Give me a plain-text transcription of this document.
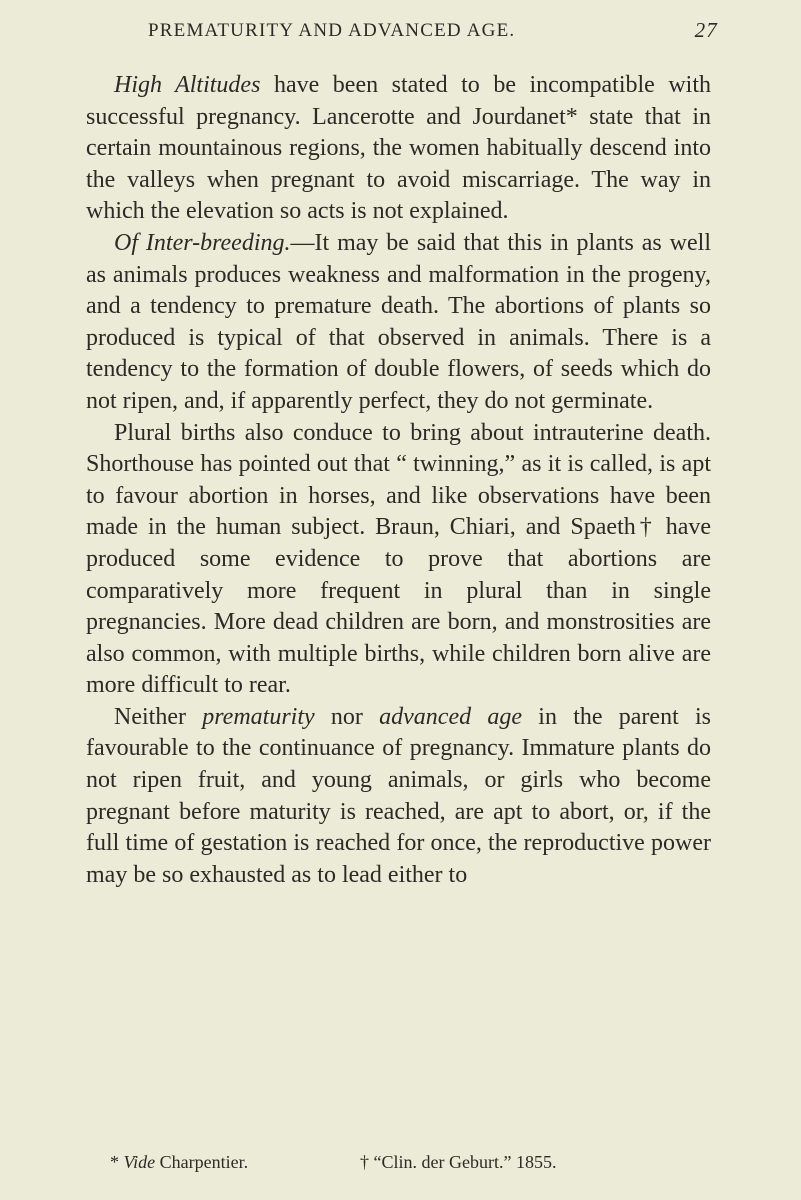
PREMATURITY AND ADVANCED AGE.	27

High Altitudes have been stated to be incompatible with successful pregnancy. Lancerotte and Jourdanet* state that in certain mountainous regions, the women habitually descend into the valleys when pregnant to avoid miscarriage. The way in which the elevation so acts is not explained.

Of Inter-breeding.—It may be said that this in plants as well as animals produces weakness and malformation in the progeny, and a tendency to premature death. The abortions of plants so produced is typical of that observed in animals. There is a tendency to the formation of double flowers, of seeds which do not ripen, and, if apparently perfect, they do not germinate.

Plural births also conduce to bring about intrauterine death. Shorthouse has pointed out that “ twinning,” as it is called, is apt to favour abortion in horses, and like observations have been made in the human subject. Braun, Chiari, and Spaeth† have produced some evidence to prove that abortions are comparatively more frequent in plural than in single pregnancies. More dead children are born, and monstrosities are also common, with multiple births, while children born alive are more difficult to rear.

Neither prematurity nor advanced age in the parent is favourable to the continuance of pregnancy. Immature plants do not ripen fruit, and young animals, or girls who become pregnant before maturity is reached, are apt to abort, or, if the full time of gestation is reached for once, the reproductive power may be so exhausted as to lead either to

* Vide Charpentier.	† “Clin. der Geburt.” 1855.
